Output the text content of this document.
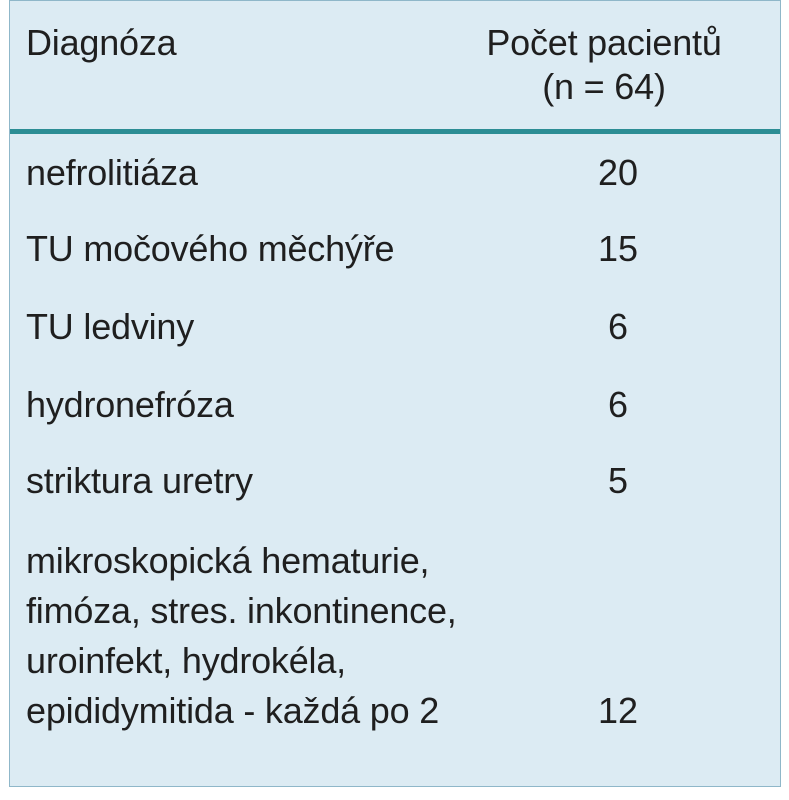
Diagnóza	Počet pacientů
(n = 64)
nefrolitiáza	20
TU močového měchýře	15
TU ledviny	6
hydronefróza	6
striktura uretry	5
mikroskopická hematurie,
fimóza, stres. inkontinence,
uroinfekt, hydrokéla,
epididymitida - každá po 2	12
